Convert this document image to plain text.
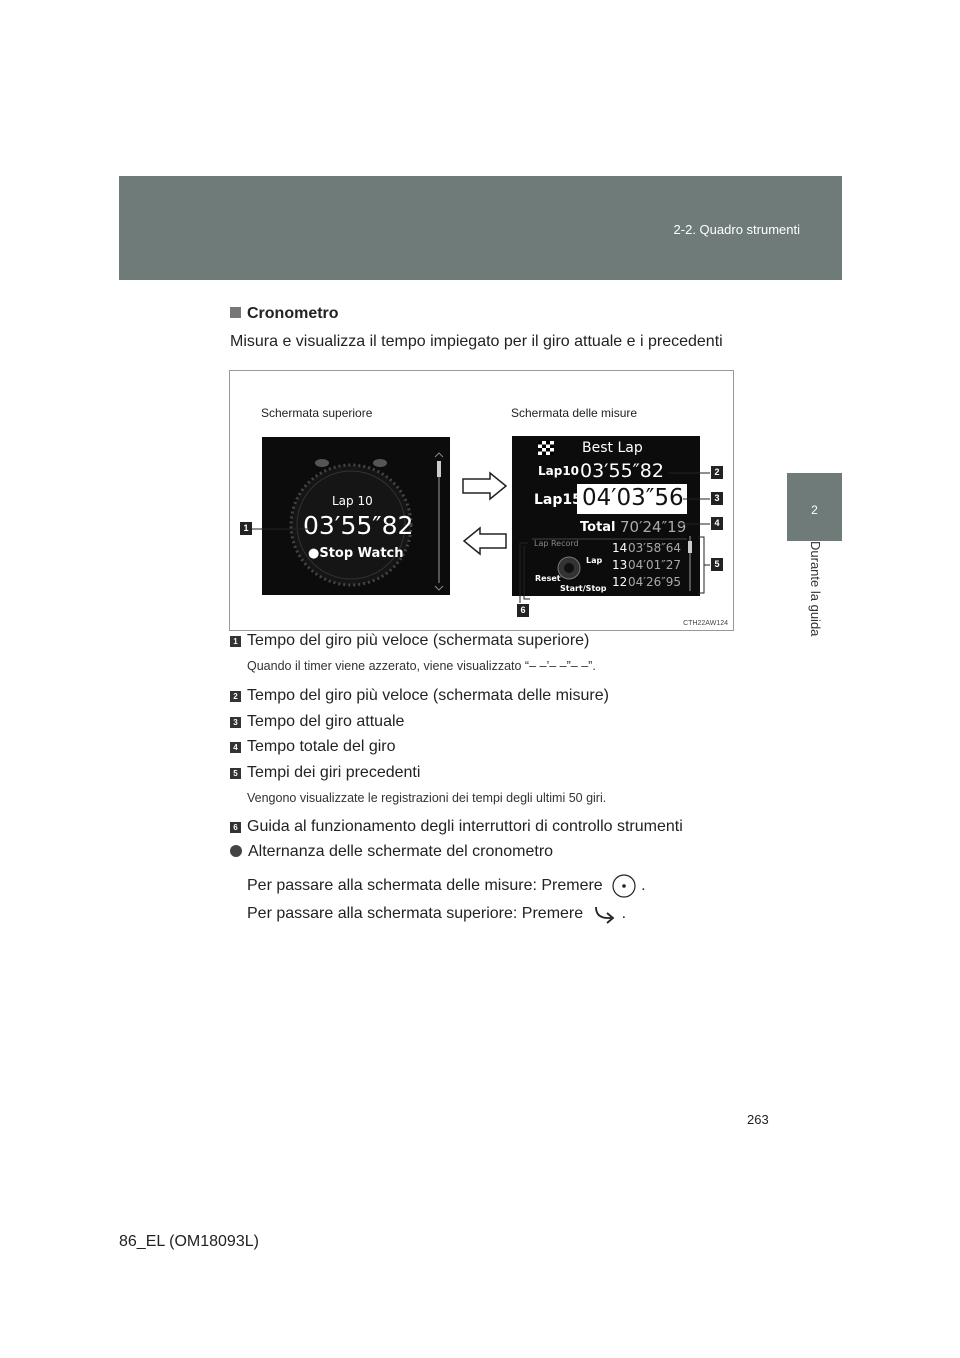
2-2. Quadro strumenti
2
Durante la guida
Cronometro
Misura e visualizza il tempo impiegato per il giro attuale e i precedenti
Schermata superiore	Schermata delle misure
Lap 10
03′55″82
●Stop Watch
Best Lap
Lap10 03′55″82
Lap15 04′03″56
Total 70′24″19
Lap Record	14 03′58″64
13 04′01″27
12 04′26″95
Reset
Lap
Start/Stop
1
2
3
4
5
6
CTH22AW124
1 Tempo del giro più veloce (schermata superiore)
Quando il timer viene azzerato, viene visualizzato “– –’– –”– –”.
2 Tempo del giro più veloce (schermata delle misure)
3 Tempo del giro attuale
4 Tempo totale del giro
5 Tempi dei giri precedenti
Vengono visualizzate le registrazioni dei tempi degli ultimi 50 giri.
6 Guida al funzionamento degli interruttori di controllo strumenti
Alternanza delle schermate del cronometro
Per passare alla schermata delle misure: Premere .
Per passare alla schermata superiore: Premere .
263
86_EL (OM18093L)
